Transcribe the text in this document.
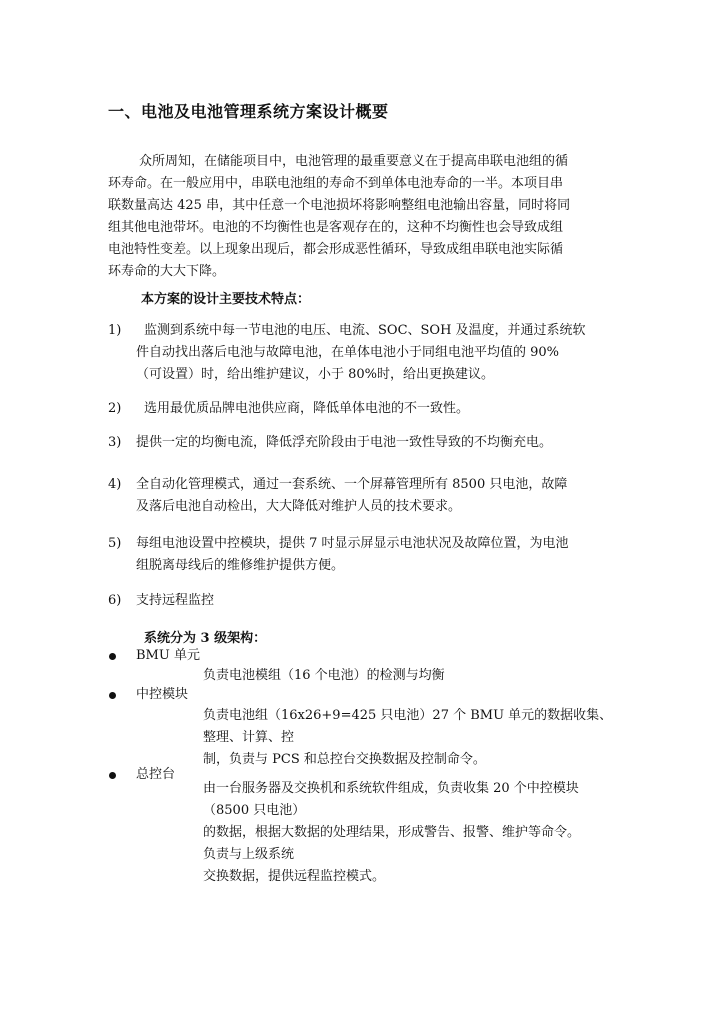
一、电池及电池管理系统方案设计概要
众所周知，在储能项目中，电池管理的最重要意义在于提高串联电池组的循
环寿命。在一般应用中，串联电池组的寿命不到单体电池寿命的一半。本项目串
联数量高达 425 串，其中任意一个电池损坏将影响整组电池输出容量，同时将同
组其他电池带坏。电池的不均衡性也是客观存在的，这种不均衡性也会导致成组
电池特性变差。以上现象出现后，都会形成恶性循环，导致成组串联电池实际循
环寿命的大大下降。
本方案的设计主要技术特点：
1)	监测到系统中每一节电池的电压、电流、SOC、SOH 及温度，并通过系统软
件自动找出落后电池与故障电池，在单体电池小于同组电池平均值的 90%
（可设置）时，给出维护建议，小于 80%时，给出更换建议。
2)	选用最优质品牌电池供应商，降低单体电池的不一致性。
3) 提供一定的均衡电流，降低浮充阶段由于电池一致性导致的不均衡充电。
4) 全自动化管理模式，通过一套系统、一个屏幕管理所有 8500 只电池，故障
及落后电池自动检出，大大降低对维护人员的技术要求。
5) 每组电池设置中控模块，提供 7 吋显示屏显示电池状况及故障位置，为电池
组脱离母线后的维修维护提供方便。
6) 支持远程监控
系统分为 3 级架构：
BMU 单元
负责电池模组（16 个电池）的检测与均衡
中控模块
负责电池组（16x26+9=425 只电池）27 个 BMU 单元的数据收集、
整理、计算、控
制，负责与 PCS 和总控台交换数据及控制命令。
总控台
由一台服务器及交换机和系统软件组成，负责收集 20 个中控模块
（8500 只电池）
的数据，根据大数据的处理结果，形成警告、报警、维护等命令。
负责与上级系统
交换数据，提供远程监控模式。
